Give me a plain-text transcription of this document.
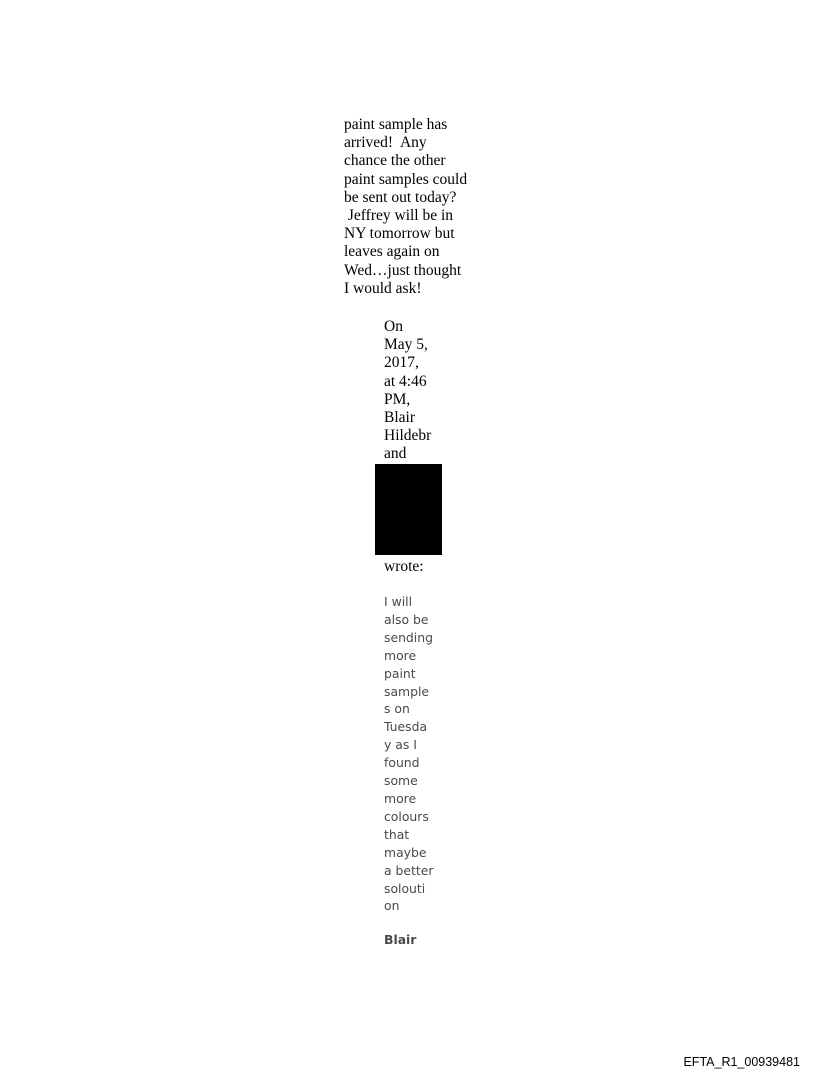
paint sample has
arrived!  Any
chance the other
paint samples could
be sent out today?
Jeffrey will be in
NY tomorrow but
leaves again on
Wed…just thought
I would ask!
On
May 5,
2017,
at 4:46
PM,
Blair
Hildebr
and
wrote:
I will
also be
sending
more
paint
sample
s on
Tuesda
y as I
found
some
more
colours
that
maybe
a better
solouti
on
Blair
EFTA_R1_00939481
